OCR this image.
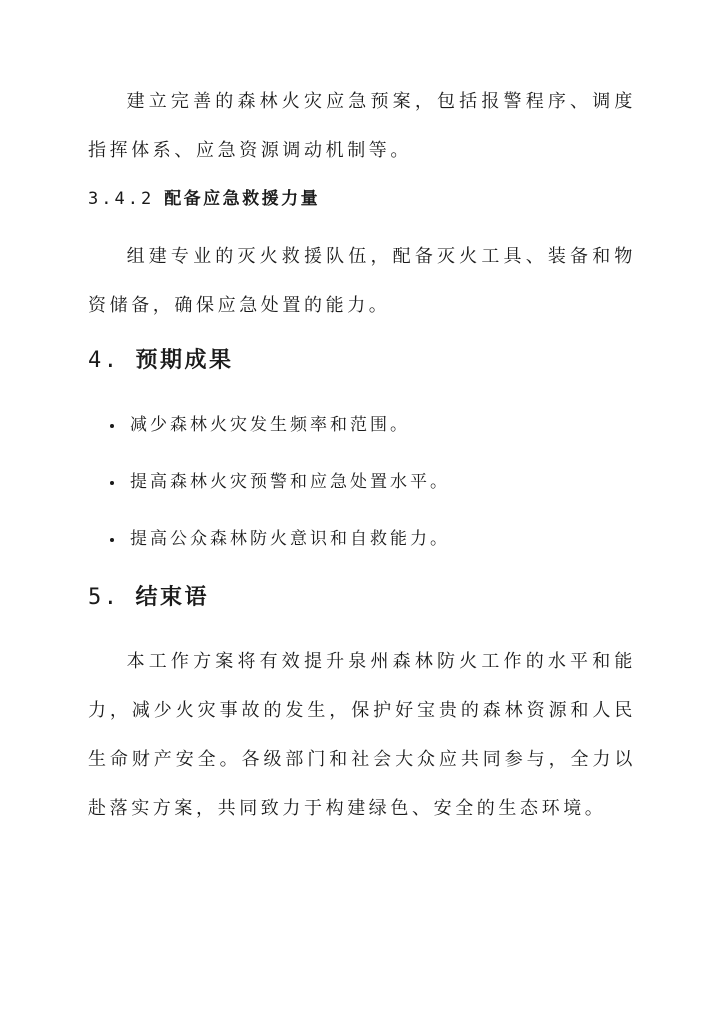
建立完善的森林火灾应急预案，包括报警程序、调度指挥体系、应急资源调动机制等。

3.4.2 配备应急救援力量

组建专业的灭火救援队伍，配备灭火工具、装备和物资储备，确保应急处置的能力。

4. 预期成果
减少森林火灾发生频率和范围。
提高森林火灾预警和应急处置水平。
提高公众森林防火意识和自救能力。
5. 结束语

本工作方案将有效提升泉州森林防火工作的水平和能力，减少火灾事故的发生，保护好宝贵的森林资源和人民生命财产安全。各级部门和社会大众应共同参与，全力以赴落实方案，共同致力于构建绿色、安全的生态环境。
